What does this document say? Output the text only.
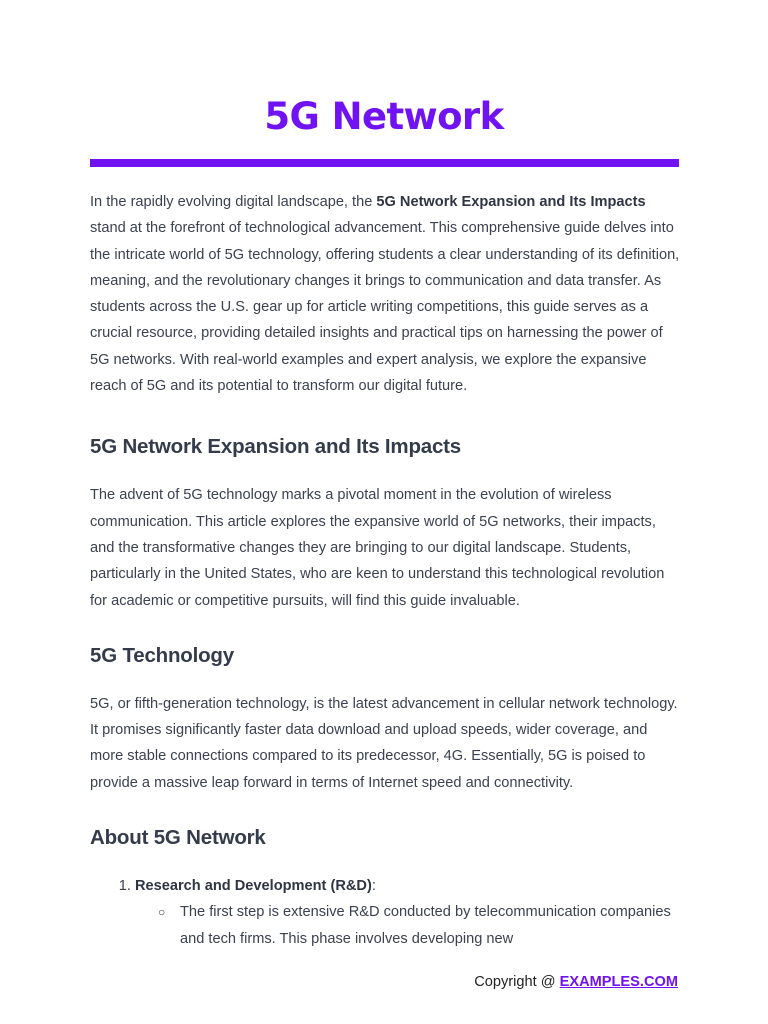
5G Network

In the rapidly evolving digital landscape, the 5G Network Expansion and Its Impacts stand at the forefront of technological advancement. This comprehensive guide delves into the intricate world of 5G technology, offering students a clear understanding of its definition, meaning, and the revolutionary changes it brings to communication and data transfer. As students across the U.S. gear up for article writing competitions, this guide serves as a crucial resource, providing detailed insights and practical tips on harnessing the power of 5G networks. With real-world examples and expert analysis, we explore the expansive reach of 5G and its potential to transform our digital future.

5G Network Expansion and Its Impacts

The advent of 5G technology marks a pivotal moment in the evolution of wireless communication. This article explores the expansive world of 5G networks, their impacts, and the transformative changes they are bringing to our digital landscape. Students, particularly in the United States, who are keen to understand this technological revolution for academic or competitive pursuits, will find this guide invaluable.

5G Technology

5G, or fifth-generation technology, is the latest advancement in cellular network technology. It promises significantly faster data download and upload speeds, wider coverage, and more stable connections compared to its predecessor, 4G. Essentially, 5G is poised to provide a massive leap forward in terms of Internet speed and connectivity.

About 5G Network
1. Research and Development (R&D):
○ The first step is extensive R&D conducted by telecommunication companies and tech firms. This phase involves developing new
Copyright @ EXAMPLES.COM
